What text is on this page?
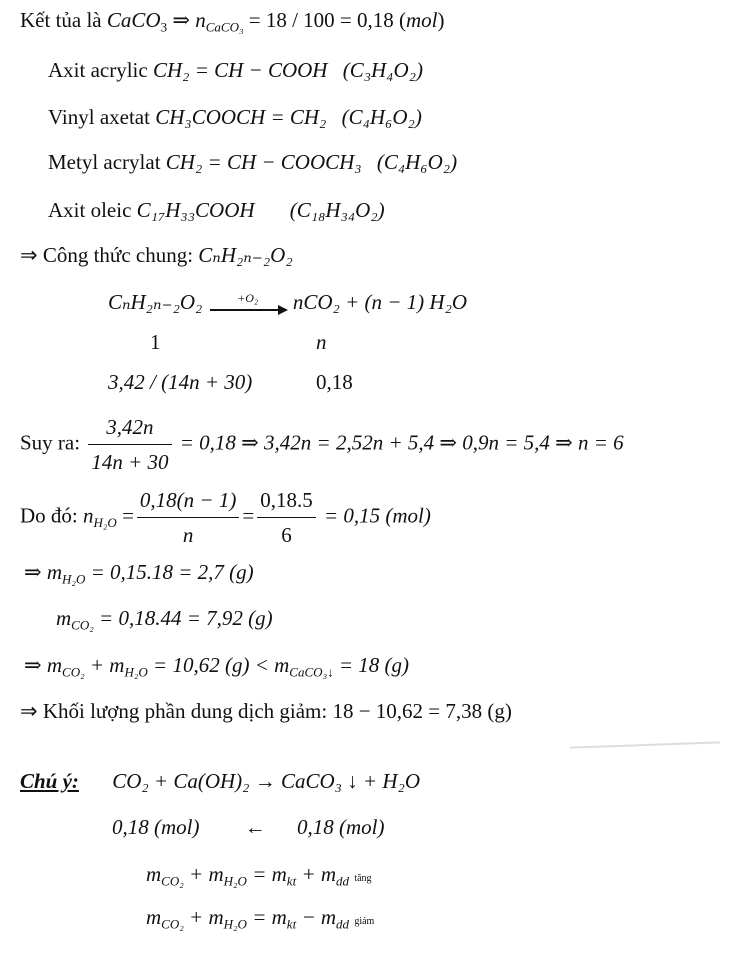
Kết tủa là CaCO$_3$ ⇒ $n_{CaCO_3} = 18 / 100 = 0,18$ (mol)
Axit acrylic CH₂ = CH − COOH (C₃H₄O₂)
Vinyl axetat CH₃COOCH = CH₂ (C₄H₆O₂)
Metyl acrylat CH₂ = CH − COOCH₃ (C₄H₆O₂)
Axit oleic C₁₇H₃₃COOH (C₁₈H₃₄O₂)
⇒ Công thức chung: CₙH₂ₙ₋₂O₂
CₙH₂ₙ₋₂O₂	+O₂	nCO₂ + (n − 1) H₂O
1	n
3,42 / (14n + 30)	0,18
Suy ra: $\frac{3,42n}{14n + 30} = 0,18$ ⇒ 3,42n = 2,52n + 5,4 ⇒ 0,9n = 5,4 ⇒ n = 6
Do đó: $n_{H_2O} = \frac{0,18(n - 1)}{n} = \frac{0,18.5}{6} = 0,15$ (mol)
⇒ $m_{H_2O} = 0,15.18 = 2,7$ (g)
$m_{CO_2} = 0,18.44 = 7,92$ (g)
⇒ $m_{CO_2} + m_{H_2O} = 10,62$ $(g) < m_{CaCO_3↓} = 18$ (g)
⇒ Khối lượng phần dung dịch giảm: 18 − 10,62 = 7,38 (g)
Chú ý: CO₂ + Ca(OH)₂ → CaCO₃ ↓ + H₂O
0,18 (mol) ← 0,18 (mol)
$m_{CO_2} + m_{H_2O} = m_{kt} + m_{dd}$ tăng
$m_{CO_2} + m_{H_2O} = m_{kt} - m_{dd}$ giảm
